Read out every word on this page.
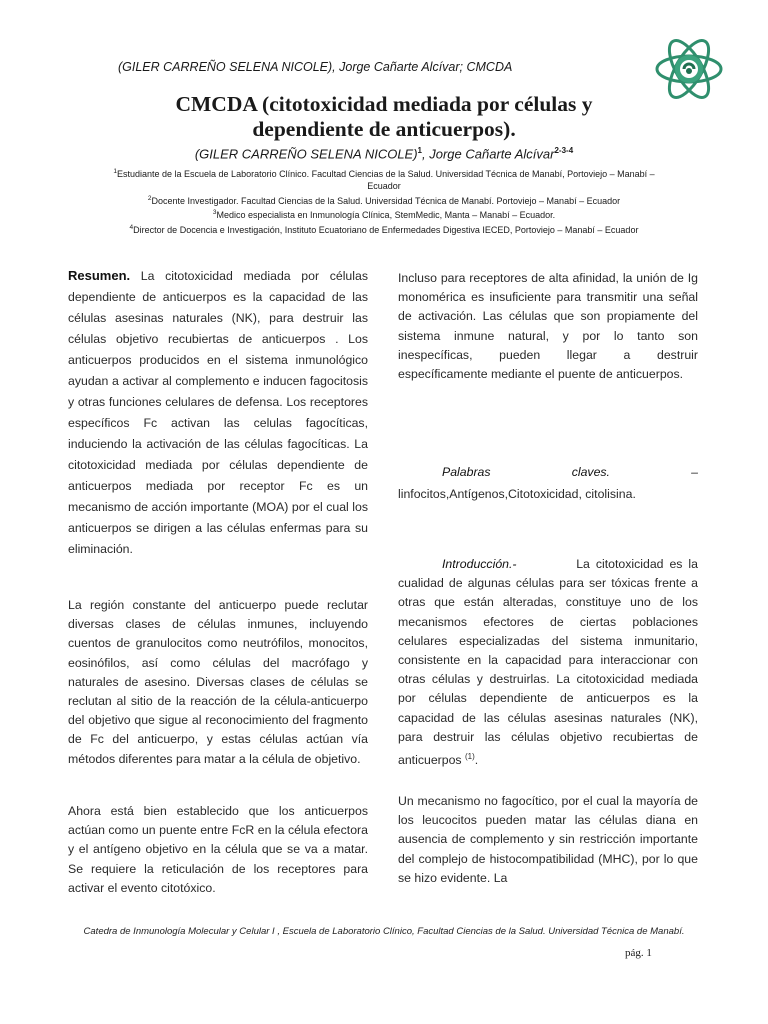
(GILER CARREÑO SELENA NICOLE), Jorge Cañarte Alcívar; CMCDA
CMCDA (citotoxicidad mediada por células y
dependiente de anticuerpos).
(GILER CARREÑO SELENA NICOLE)$^1$, Jorge Cañarte Alcívar$^{2-3-4}$
$^1$Estudiante de la Escuela de Laboratorio Clínico. Facultad Ciencias de la Salud. Universidad Técnica de Manabí, Portoviejo – Manabí – Ecuador
$^2$Docente Investigador. Facultad Ciencias de la Salud. Universidad Técnica de Manabí. Portoviejo – Manabí – Ecuador
$^3$Medico especialista en Inmunología Clínica, StemMedic, Manta – Manabí – Ecuador.
$^4$Director de Docencia e Investigación, Instituto Ecuatoriano de Enfermedades Digestiva IECED, Portoviejo – Manabí – Ecuador

Resumen. La citotoxicidad mediada por células dependiente de anticuerpos es la capacidad de las células asesinas naturales (NK), para destruir las células objetivo recubiertas de anticuerpos . Los anticuerpos producidos en el sistema inmunológico ayudan a activar al complemento e inducen fagocitosis y otras funciones celulares de defensa. Los receptores específicos Fc activan las celulas fagocíticas, induciendo la activación de las células fagocíticas. La citotoxicidad mediada por células dependiente de anticuerpos mediada por receptor Fc es un mecanismo de acción importante (MOA) por el cual los anticuerpos se dirigen a las células enfermas para su eliminación.

La región constante del anticuerpo puede reclutar diversas clases de células inmunes, incluyendo cuentos de granulocitos como neutrófilos, monocitos, eosinófilos, así como células del macrófago y naturales de asesino. Diversas clases de células se reclutan al sitio de la reacción de la célula-anticuerpo del objetivo que sigue al reconocimiento del fragmento de Fc del anticuerpo, y estas células actúan vía métodos diferentes para matar a la célula de objetivo.

Ahora está bien establecido que los anticuerpos actúan como un puente entre FcR en la célula efectora y el antígeno objetivo en la célula que se va a matar. Se requiere la reticulación de los receptores para activar el evento citotóxico.

Incluso para receptores de alta afinidad, la unión de Ig monomérica es insuficiente para transmitir una señal de activación. Las células que son propiamente del sistema inmune natural, y por lo tanto son inespecíficas, pueden llegar a destruir específicamente mediante el puente de anticuerpos.

Palabras	claves.	–
linfocitos,Antígenos,Citotoxicidad, citolisina.

Introducción.-	La citotoxicidad es la cualidad de algunas células para ser tóxicas frente a otras que están alteradas, constituye uno de los mecanismos efectores de ciertas poblaciones celulares especializadas del sistema inmunitario, consistente en la capacidad para interaccionar con otras células y destruirlas. La citotoxicidad mediada por células dependiente de anticuerpos es la capacidad de las células asesinas naturales (NK), para destruir las células objetivo recubiertas de anticuerpos $^{(1)}$.

Un mecanismo no fagocítico, por el cual la mayoría de los leucocitos pueden matar las células diana en ausencia de complemento y sin restricción importante del complejo de histocompatibilidad (MHC), por lo que se hizo evidente. La

Catedra de Inmunología Molecular y Celular I , Escuela de Laboratorio Clínico, Facultad Ciencias de la Salud. Universidad Técnica de Manabí.
pág. 1
